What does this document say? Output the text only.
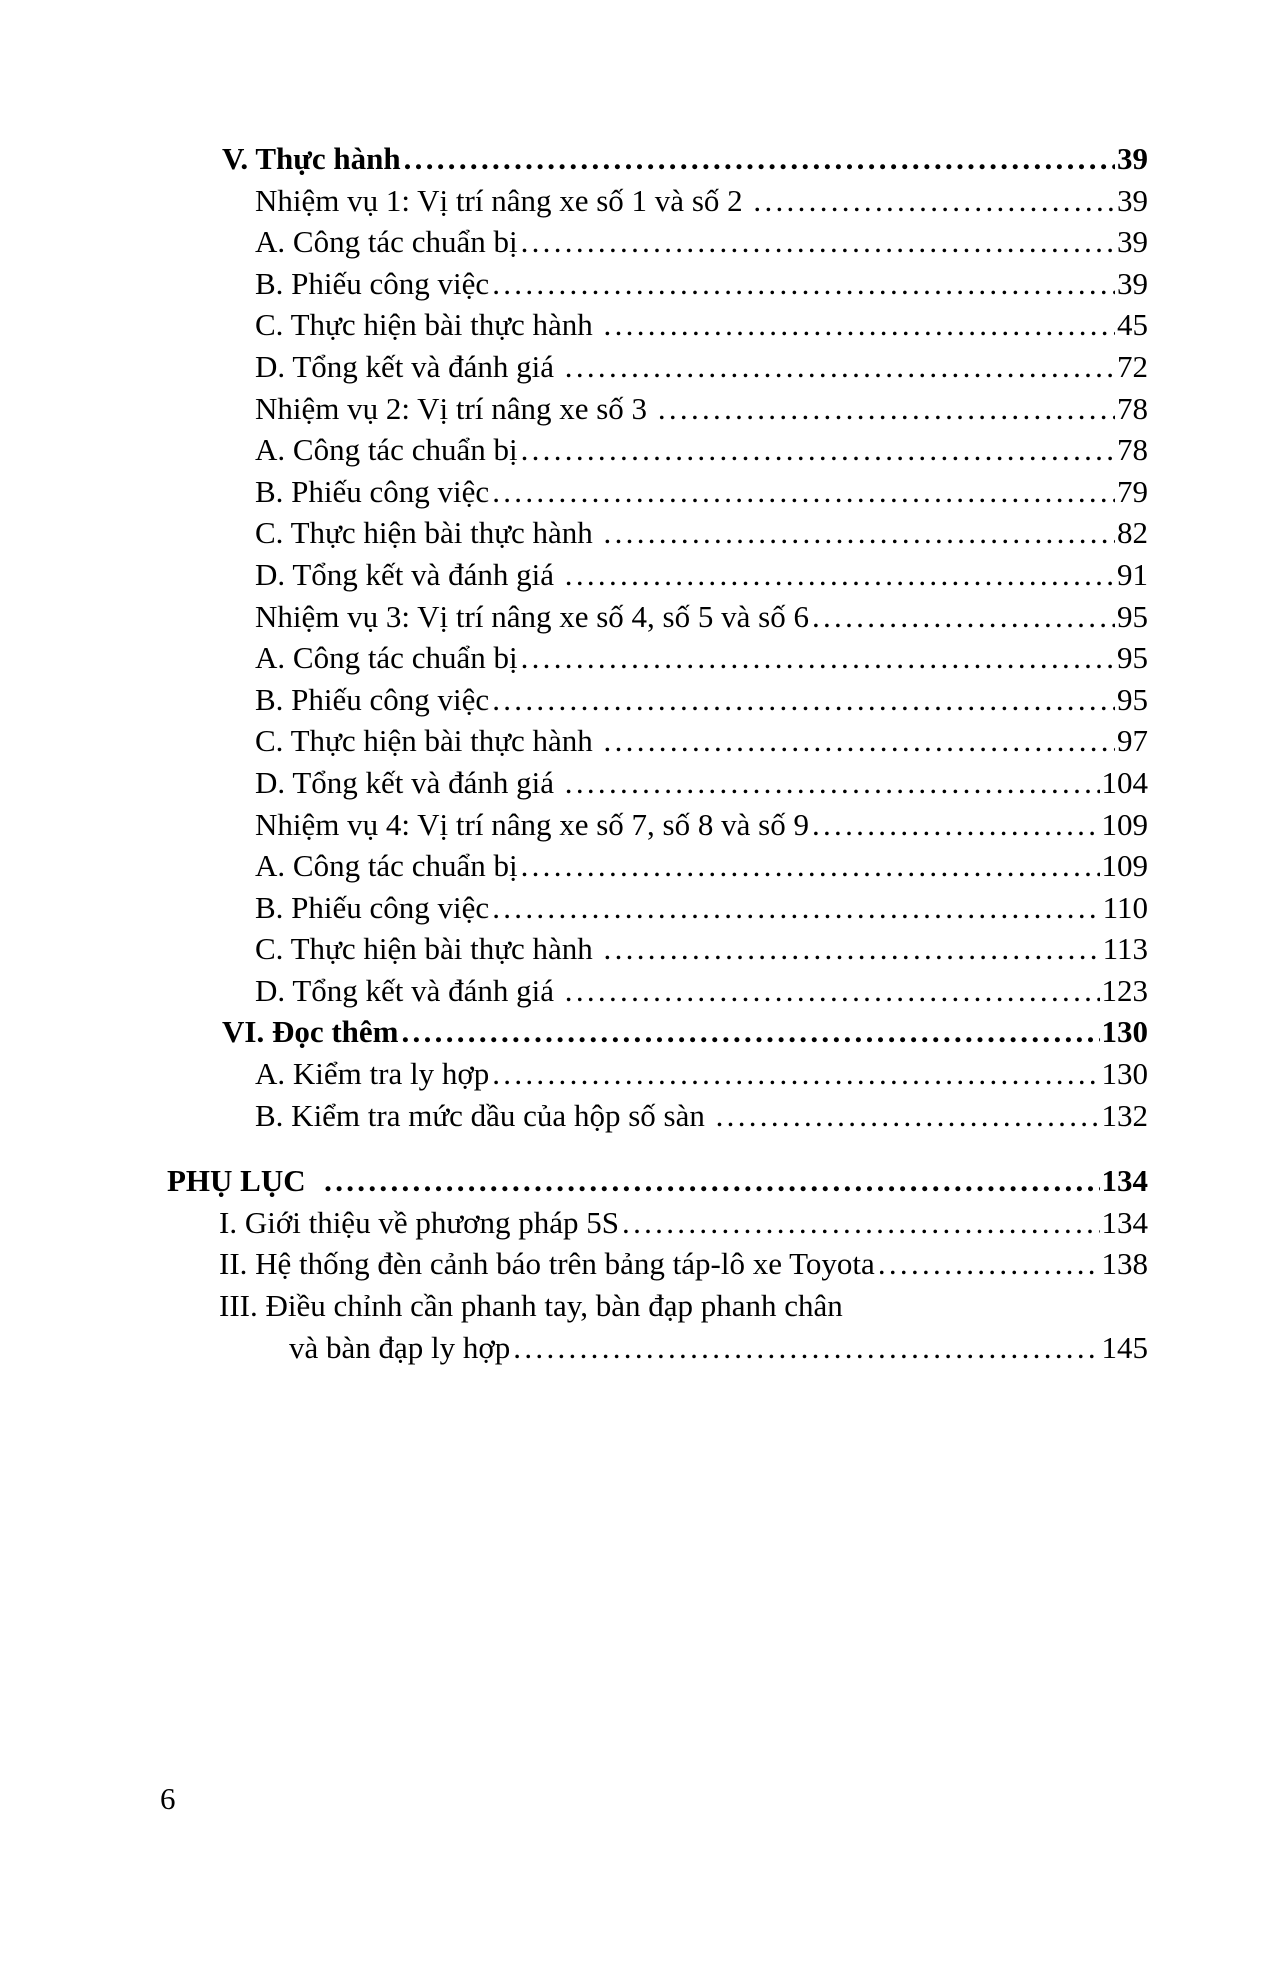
V. Thực hành .....	39
Nhiệm vụ 1: Vị trí nâng xe số 1 và số 2 .....	39
A. Công tác chuẩn bị .....	39
B. Phiếu công việc .....	39
C. Thực hiện bài thực hành .....	45
D. Tổng kết và đánh giá .....	72
Nhiệm vụ 2: Vị trí nâng xe số 3 .....	78
A. Công tác chuẩn bị .....	78
B. Phiếu công việc .....	79
C. Thực hiện bài thực hành .....	82
D. Tổng kết và đánh giá .....	91
Nhiệm vụ 3: Vị trí nâng xe số 4, số 5 và số 6 .....	95
A. Công tác chuẩn bị .....	95
B. Phiếu công việc .....	95
C. Thực hiện bài thực hành .....	97
D. Tổng kết và đánh giá .....	104
Nhiệm vụ 4: Vị trí nâng xe số 7, số 8 và số 9 .....	109
A. Công tác chuẩn bị .....	109
B. Phiếu công việc .....	110
C. Thực hiện bài thực hành .....	113
D. Tổng kết và đánh giá .....	123
VI. Đọc thêm .....	130
A. Kiểm tra ly hợp .....	130
B. Kiểm tra mức dầu của hộp số sàn .....	132
PHỤ LỤC .....	134
I. Giới thiệu về phương pháp 5S .....	134
II. Hệ thống đèn cảnh báo trên bảng táp-lô xe Toyota .....	138
III. Điều chỉnh cần phanh tay, bàn đạp phanh chân
và bàn đạp ly hợp .....	145
6
